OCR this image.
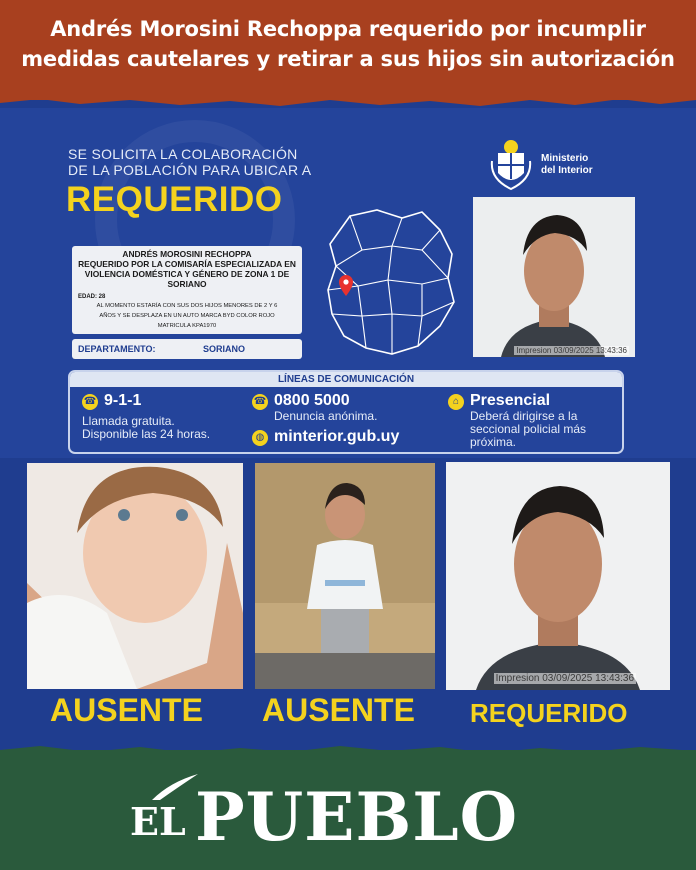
Andrés Morosini Rechoppa requerido por incumplir
medidas cautelares y retirar a sus hijos sin autorización
SE SOLICITA LA COLABORACIÓN
DE LA POBLACIÓN PARA UBICAR A
REQUERIDO
ANDRÉS MOROSINI RECHOPPA
REQUERIDO POR LA COMISARÍA ESPECIALIZADA EN
VIOLENCIA DOMÉSTICA Y GÉNERO DE ZONA 1 DE
SORIANO
EDAD: 28
AL MOMENTO ESTARÍA CON SUS DOS HIJOS MENORES DE 2 Y 6
AÑOS Y SE DESPLAZA EN UN AUTO MARCA BYD COLOR ROJO
MATRICULA KPA1970
DEPARTAMENTO:	SORIANO
Ministerio
del Interior
Impresion 03/09/2025 13:43:36
LÍNEAS DE COMUNICACIÓN
☎ 9-1-1
Llamada gratuita.
Disponible las 24 horas.
☎ 0800 5000
Denuncia anónima.
◍ minterior.gub.uy
⌂ Presencial
Deberá dirigirse a la
seccional policial más
próxima.
Impresion 03/09/2025 13:43:36
AUSENTE AUSENTE REQUERIDO
EL PUEBLO
